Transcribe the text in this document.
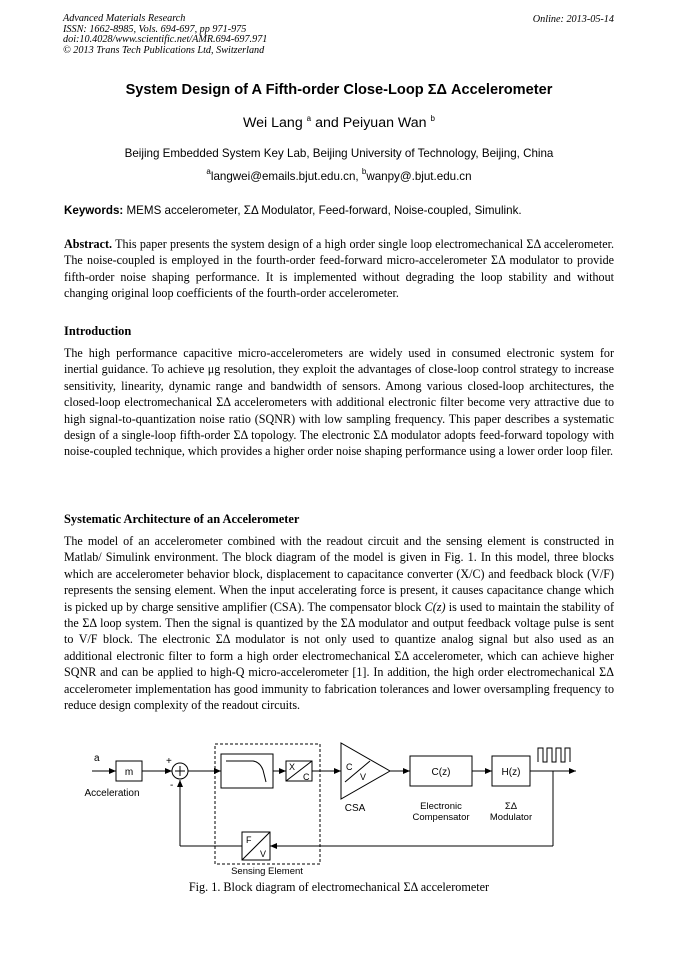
Advanced Materials Research
ISSN: 1662-8985, Vols. 694-697, pp 971-975
doi:10.4028/www.scientific.net/AMR.694-697.971
© 2013 Trans Tech Publications Ltd, Switzerland
Online: 2013-05-14
System Design of A Fifth-order Close-Loop ΣΔ Accelerometer
Wei Lang $^a$ and Peiyuan Wan $^b$
Beijing Embedded System Key Lab, Beijing University of Technology, Beijing, China
$^a$langwei@emails.bjut.edu.cn, $^b$wanpy@.bjut.edu.cn
Keywords: MEMS accelerometer, ΣΔ Modulator, Feed-forward, Noise-coupled, Simulink.
Abstract. This paper presents the system design of a high order single loop electromechanical ΣΔ accelerometer. The noise-coupled is employed in the fourth-order feed-forward micro-accelerometer ΣΔ modulator to provide fifth-order noise shaping performance. It is implemented without degrading the loop stability and without changing original loop coefficients of the fourth-order accelerometer.
Introduction
The high performance capacitive micro-accelerometers are widely used in consumed electronic system for inertial guidance. To achieve μg resolution, they exploit the advantages of close-loop control strategy to increase sensitivity, linearity, dynamic range and bandwidth of sensors. Among various closed-loop architectures, the closed-loop electromechanical ΣΔ accelerometers with additional electronic filter become very attractive due to high signal-to-quantization noise ratio (SQNR) with low sampling frequency. This paper describes a systematic design of a single-loop fifth-order ΣΔ topology. The electronic ΣΔ modulator adopts feed-forward topology with noise-coupled technique, which provides a higher order noise shaping performance using a lower order loop filer.
Systematic Architecture of an Accelerometer
The model of an accelerometer combined with the readout circuit and the sensing element is constructed in Matlab/ Simulink environment. The block diagram of the model is given in Fig. 1. In this model, three blocks which are accelerometer behavior block, displacement to capacitance converter (X/C) and feedback block (V/F) represents the sensing element. When the input accelerating force is present, it causes capacitance change which is picked up by charge sensitive amplifier (CSA). The compensator block C(z) is used to maintain the stability of the ΣΔ loop system. Then the signal is quantized by the ΣΔ modulator and output feedback voltage pulse is sent to V/F block. The electronic ΣΔ modulator is not only used to quantize analog signal but also used as an additional electronic filter to form a high order electromechanical ΣΔ accelerometer, which can achieve higher SQNR and can be applied to high-Q micro-accelerometer [1]. In addition, the high order electromechanical ΣΔ accelerometer implementation has good immunity to fabrication tolerances and lower oversampling frequency to reduce design complexity of the readout circuits.
a
m
Acceleration
+
-
Sensing Element
X
C
C
V
CSA
C(z)
Electronic
Compensator
H(z)
ΣΔ
Modulator
F
V
Fig. 1. Block diagram of electromechanical ΣΔ accelerometer
